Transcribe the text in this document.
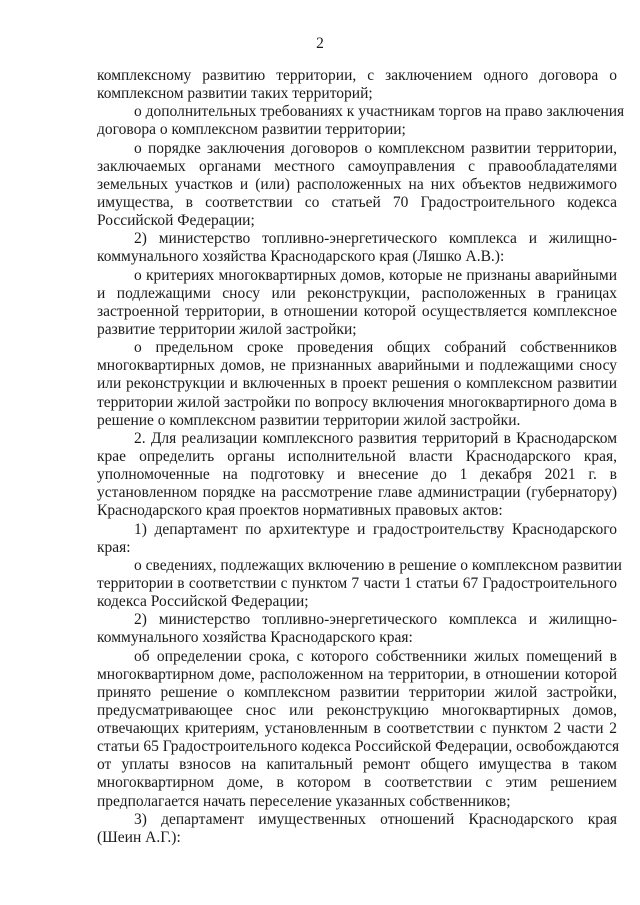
2
комплексному развитию территории, с заключением одного договора о
комплексном развитии таких территорий;
о дополнительных требованиях к участникам торгов на право заключения
договора о комплексном развитии территории;
о порядке заключения договоров о комплексном развитии территории,
заключаемых органами местного самоуправления с правообладателями
земельных участков и (или) расположенных на них объектов недвижимого
имущества, в соответствии со статьей 70 Градостроительного кодекса
Российской Федерации;
2) министерство топливно-энергетического комплекса и жилищно-
коммунального хозяйства Краснодарского края (Ляшко А.В.):
о критериях многоквартирных домов, которые не признаны аварийными
и подлежащими сносу или реконструкции, расположенных в границах
застроенной территории, в отношении которой осуществляется комплексное
развитие территории жилой застройки;
о предельном сроке проведения общих собраний собственников
многоквартирных домов, не признанных аварийными и подлежащими сносу
или реконструкции и включенных в проект решения о комплексном развитии
территории жилой застройки по вопросу включения многоквартирного дома в
решение о комплексном развитии территории жилой застройки.
2. Для реализации комплексного развития территорий в Краснодарском
крае определить органы исполнительной власти Краснодарского края,
уполномоченные на подготовку и внесение до 1 декабря 2021 г. в
установленном порядке на рассмотрение главе администрации (губернатору)
Краснодарского края проектов нормативных правовых актов:
1) департамент по архитектуре и градостроительству Краснодарского
края:
о сведениях, подлежащих включению в решение о комплексном развитии
территории в соответствии с пунктом 7 части 1 статьи 67 Градостроительного
кодекса Российской Федерации;
2) министерство топливно-энергетического комплекса и жилищно-
коммунального хозяйства Краснодарского края:
об определении срока, с которого собственники жилых помещений в
многоквартирном доме, расположенном на территории, в отношении которой
принято решение о комплексном развитии территории жилой застройки,
предусматривающее снос или реконструкцию многоквартирных домов,
отвечающих критериям, установленным в соответствии с пунктом 2 части 2
статьи 65 Градостроительного кодекса Российской Федерации, освобождаются
от уплаты взносов на капитальный ремонт общего имущества в таком
многоквартирном доме, в котором в соответствии с этим решением
предполагается начать переселение указанных собственников;
3) департамент имущественных отношений Краснодарского края
(Шеин А.Г.):
